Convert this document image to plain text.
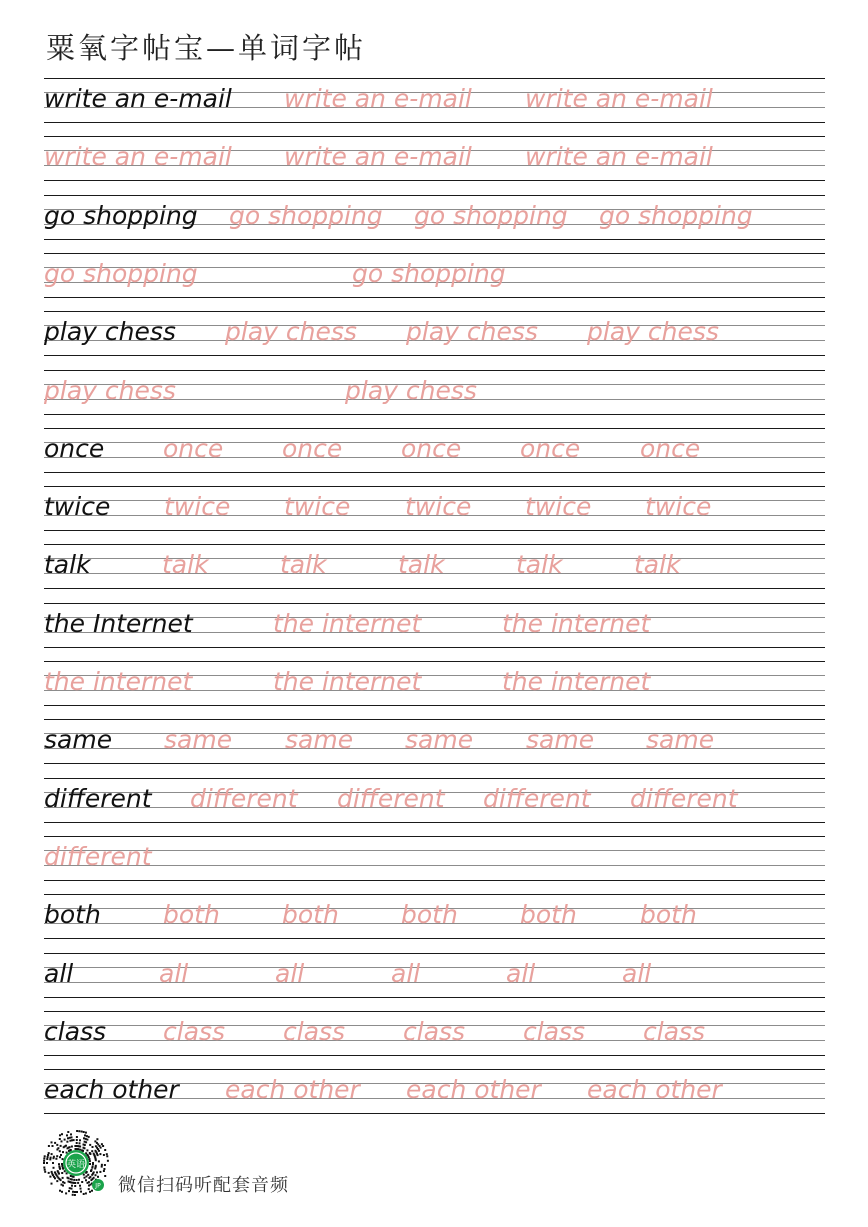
粟氧字帖宝—单词字帖
write an e-mail write an e-mail write an e-mail
write an e-mail write an e-mail write an e-mail
go shopping go shopping go shopping go shopping
go shopping	go shopping
play chess play chess play chess play chess
play chess	play chess
once once once once once once
twice twice twice twice twice twice
talk	talk	talk	talk	talk	talk
the Internet	the internet	the internet
the internet	the internet	the internet
same same same same same same
different different different different different
different
both both both both both	both
all	all	all	all	all	all
class class class class class class
each other each other each other each other
英语
JP 微信扫码听配套音频
